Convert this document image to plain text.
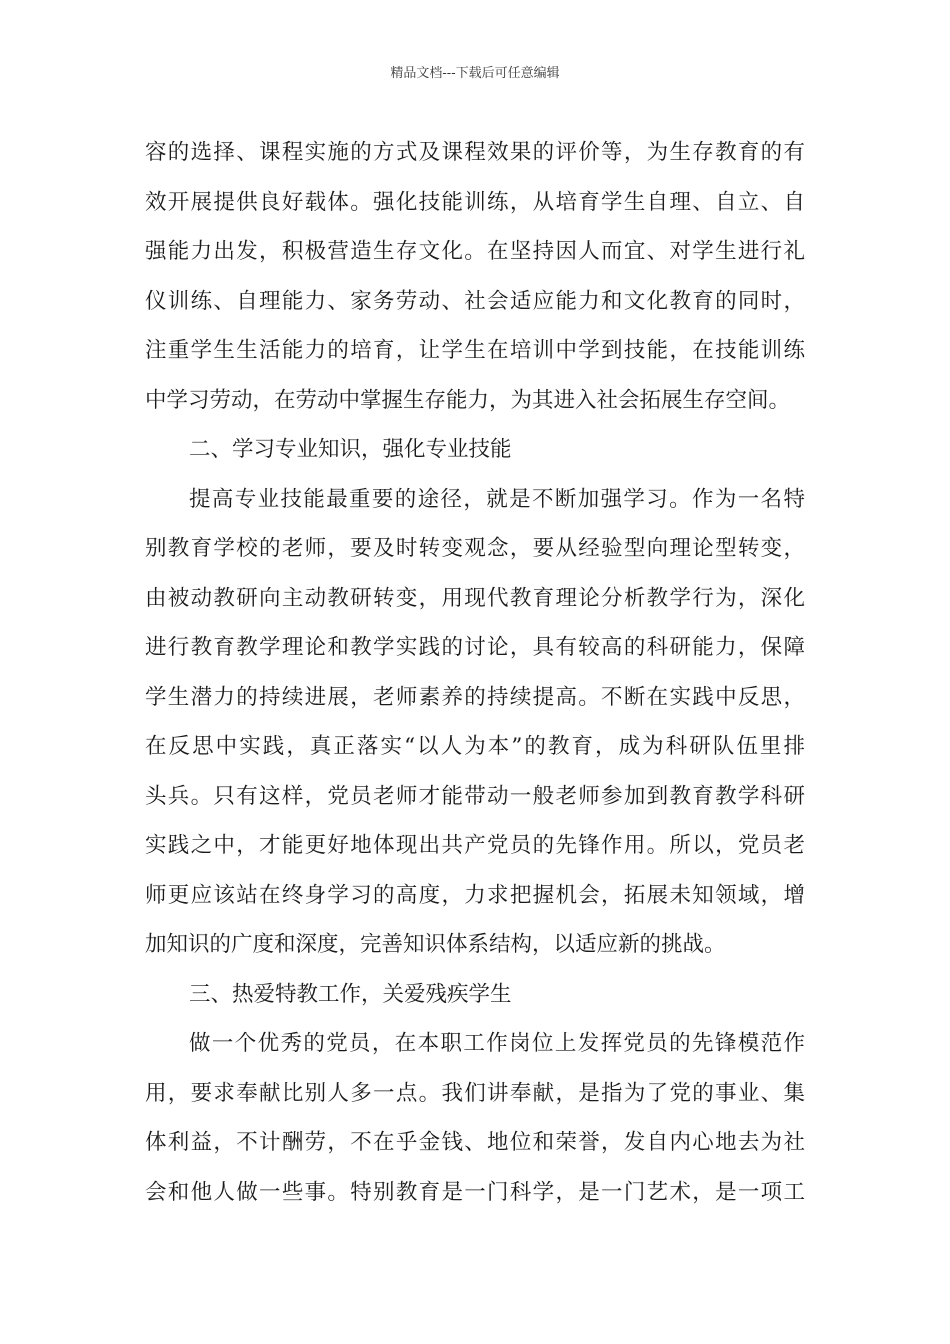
精品文档---下载后可任意编辑
容的选择、课程实施的方式及课程效果的评价等，为生存教育的有
效开展提供良好载体。强化技能训练，从培育学生自理、自立、自
强能力出发，积极营造生存文化。在坚持因人而宜、对学生进行礼
仪训练、自理能力、家务劳动、社会适应能力和文化教育的同时，
注重学生生活能力的培育，让学生在培训中学到技能，在技能训练
中学习劳动，在劳动中掌握生存能力，为其进入社会拓展生存空间。
二、学习专业知识，强化专业技能
提高专业技能最重要的途径，就是不断加强学习。作为一名特
别教育学校的老师，要及时转变观念，要从经验型向理论型转变，
由被动教研向主动教研转变，用现代教育理论分析教学行为，深化
进行教育教学理论和教学实践的讨论，具有较高的科研能力，保障
学生潜力的持续进展，老师素养的持续提高。不断在实践中反思，
在反思中实践，真正落实“以人为本”的教育，成为科研队伍里排
头兵。只有这样，党员老师才能带动一般老师参加到教育教学科研
实践之中，才能更好地体现出共产党员的先锋作用。所以，党员老
师更应该站在终身学习的高度，力求把握机会，拓展未知领域，增
加知识的广度和深度，完善知识体系结构，以适应新的挑战。
三、热爱特教工作，关爱残疾学生
做一个优秀的党员，在本职工作岗位上发挥党员的先锋模范作
用，要求奉献比别人多一点。我们讲奉献，是指为了党的事业、集
体利益，不计酬劳，不在乎金钱、地位和荣誉，发自内心地去为社
会和他人做一些事。特别教育是一门科学，是一门艺术，是一项工
